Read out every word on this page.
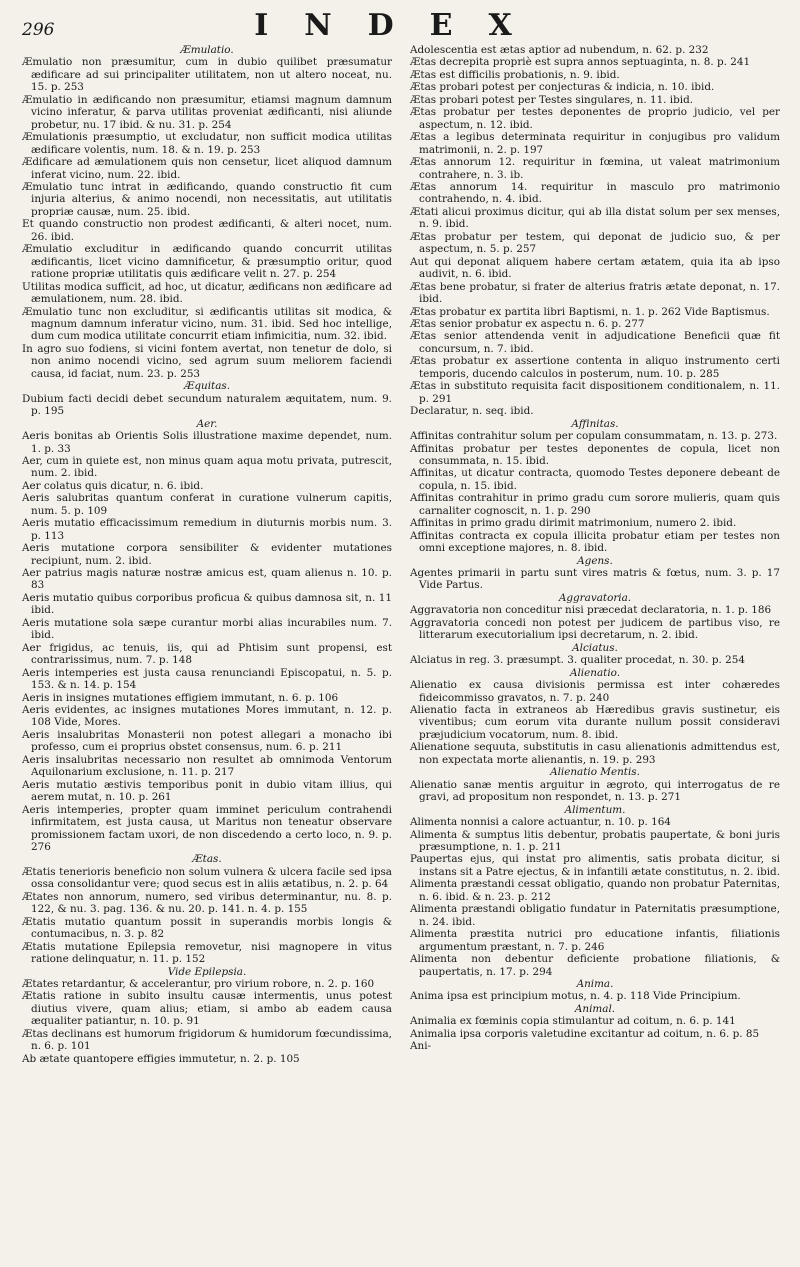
296	INDEX

Æmulatio.

Æmulatio non præsumitur, cum in dubio quilibet præsumatur ædificare ad sui principaliter utilitatem, non ut altero noceat, nu. 15. p. 253

Æmulatio in ædificando non præsumitur, etiamsi magnum damnum vicino inferatur, & parva utilitas proveniat ædificanti, nisi aliunde probetur, nu. 17 ibid. & nu. 31. p. 254

Æmulationis præsumptio, ut excludatur, non sufficit modica utilitas ædificare volentis, num. 18. & n. 19. p. 253

Ædificare ad æmulationem quis non censetur, licet aliquod damnum inferat vicino, num. 22. ibid.

Æmulatio tunc intrat in ædificando, quando constructio fit cum injuria alterius, & animo nocendi, non necessitatis, aut utilitatis propriæ causæ, num. 25. ibid.

Et quando constructio non prodest ædificanti, & alteri nocet, num. 26. ibid.

Æmulatio excluditur in ædificando quando concurrit utilitas ædificantis, licet vicino damnificetur, & præsumptio oritur, quod ratione propriæ utilitatis quis ædificare velit n. 27. p. 254

Utilitas modica sufficit, ad hoc, ut dicatur, ædificans non ædificare ad æmulationem, num. 28. ibid.

Æmulatio tunc non excluditur, si ædificantis utilitas sit modica, & magnum damnum inferatur vicino, num. 31. ibid. Sed hoc intellige, dum cum modica utilitate concurrit etiam infimicitia, num. 32. ibid.

In agro suo fodiens, si vicini fontem avertat, non tenetur de dolo, si non animo nocendi vicino, sed agrum suum meliorem faciendi causa, id faciat, num. 23. p. 253

Æquitas.

Dubium facti decidi debet secundum naturalem æquitatem, num. 9. p. 195

Aer.

Aeris bonitas ab Orientis Solis illustratione maxime dependet, num. 1. p. 33

Aer, cum in quiete est, non minus quam aqua motu privata, putrescit, num. 2. ibid.

Aer colatus quis dicatur, n. 6. ibid.

Aeris salubritas quantum conferat in curatione vulnerum capitis, num. 5. p. 109

Aeris mutatio efficacissimum remedium in diuturnis morbis num. 3. p. 113

Aeris mutatione corpora sensibiliter & evidenter mutationes recipiunt, num. 2. ibid.

Aer patrius magis naturæ nostræ amicus est, quam alienus n. 10. p. 83

Aeris mutatio quibus corporibus proficua & quibus damnosa sit, n. 11 ibid.

Aeris mutatione sola sæpe curantur morbi alias incurabiles num. 7. ibid.

Aer frigidus, ac tenuis, iis, qui ad Phtisim sunt propensi, est contrarissimus, num. 7. p. 148

Aeris intemperies est justa causa renunciandi Episcopatui, n. 5. p. 153. & n. 14. p. 154

Aeris in insignes mutationes effigiem immutant, n. 6. p. 106

Aeris evidentes, ac insignes mutationes Mores immutant, n. 12. p. 108 Vide, Mores.

Aeris insalubritas Monasterii non potest allegari a monacho ibi professo, cum ei proprius obstet consensus, num. 6. p. 211

Aeris insalubritas necessario non resultet ab omnimoda Ventorum Aquilonarium exclusione, n. 11. p. 217

Aeris mutatio æstivis temporibus ponit in dubio vitam illius, qui aerem mutat, n. 10. p. 261

Aeris intemperies, propter quam imminet periculum contrahendi infirmitatem, est justa causa, ut Maritus non teneatur observare promissionem factam uxori, de non discedendo a certo loco, n. 9. p. 276

Ætas.

Ætatis tenerioris beneficio non solum vulnera & ulcera facile sed ipsa ossa consolidantur vere; quod secus est in aliis ætatibus, n. 2. p. 64

Ætates non annorum, numero, sed viribus determinantur, nu. 8. p. 122, & nu. 3. pag. 136. & nu. 20. p. 141. n. 4. p. 155

Ætatis mutatio quantum possit in superandis morbis longis & contumacibus, n. 3. p. 82

Ætatis mutatione Epilepsia removetur, nisi magnopere in vitus ratione delinquatur, n. 11. p. 152

Vide Epilepsia.

Ætates retardantur, & accelerantur, pro virium robore, n. 2. p. 160

Ætatis ratione in subito insultu causæ intermentis, unus potest diutius vivere, quam alius; etiam, si ambo ab eadem causa æqualiter patiantur, n. 10. p. 91

Ætas declinans est humorum frigidorum & humidorum fœcundissima, n. 6. p. 101

Ab ætate quantopere effigies immutetur, n. 2. p. 105

Adolescentia est ætas aptior ad nubendum, n. 62. p. 232

Ætas decrepita propriè est supra annos septuaginta, n. 8. p. 241

Ætas est difficilis probationis, n. 9. ibid.

Ætas probari potest per conjecturas & indicia, n. 10. ibid.

Ætas probari potest per Testes singulares, n. 11. ibid.

Ætas probatur per testes deponentes de proprio judicio, vel per aspectum, n. 12. ibid.

Ætas a legibus determinata requiritur in conjugibus pro validum matrimonii, n. 2. p. 197

Ætas annorum 12. requiritur in fœmina, ut valeat matrimonium contrahere, n. 3. ib.

Ætas annorum 14. requiritur in masculo pro matrimonio contrahendo, n. 4. ibid.

Ætati alicui proximus dicitur, qui ab illa distat solum per sex menses, n. 9. ibid.

Ætas probatur per testem, qui deponat de judicio suo, & per aspectum, n. 5. p. 257

Aut qui deponat aliquem habere certam ætatem, quia ita ab ipso audivit, n. 6. ibid.

Ætas bene probatur, si frater de alterius fratris ætate deponat, n. 17. ibid.

Ætas probatur ex partita libri Baptismi, n. 1. p. 262 Vide Baptismus.

Ætas senior probatur ex aspectu n. 6. p. 277

Ætas senior attendenda venit in adjudicatione Beneficii quæ fit concursum, n. 7. ibid.

Ætas probatur ex assertione contenta in aliquo instrumento certi temporis, ducendo calculos in posterum, num. 10. p. 285

Ætas in substituto requisita facit dispositionem conditionalem, n. 11. p. 291

Declaratur, n. seq. ibid.

Affinitas.

Affinitas contrahitur solum per copulam consummatam, n. 13. p. 273.

Affinitas probatur per testes deponentes de copula, licet non consummata, n. 15. ibid.

Affinitas, ut dicatur contracta, quomodo Testes deponere debeant de copula, n. 15. ibid.

Affinitas contrahitur in primo gradu cum sorore mulieris, quam quis carnaliter cognoscit, n. 1. p. 290

Affinitas in primo gradu dirimit matrimonium, numero 2. ibid.

Affinitas contracta ex copula illicita probatur etiam per testes non omni exceptione majores, n. 8. ibid.

Agens.

Agentes primarii in partu sunt vires matris & fœtus, num. 3. p. 17 Vide Partus.

Aggravatoria.

Aggravatoria non conceditur nisi præcedat declaratoria, n. 1. p. 186

Aggravatoria concedi non potest per judicem de partibus viso, re litterarum executorialium ipsi decretarum, n. 2. ibid.

Alciatus.

Alciatus in reg. 3. præsumpt. 3. qualiter procedat, n. 30. p. 254

Alienatio.

Alienatio ex causa divisionis permissa est inter cohæredes fideicommisso gravatos, n. 7. p. 240

Alienatio facta in extraneos ab Hæredibus gravis sustinetur, eis viventibus; cum eorum vita durante nullum possit consideravi præjudicium vocatorum, num. 8. ibid.

Alienatione sequuta, substitutis in casu alienationis admittendus est, non expectata morte alienantis, n. 19. p. 293

Alienatio Mentis.

Alienatio sanæ mentis arguitur in ægroto, qui interrogatus de re gravi, ad propositum non respondet, n. 13. p. 271

Alimentum.

Alimenta nonnisi a calore actuantur, n. 10. p. 164

Alimenta & sumptus litis debentur, probatis paupertate, & boni juris præsumptione, n. 1. p. 211

Paupertas ejus, qui instat pro alimentis, satis probata dicitur, si instans sit a Patre ejectus, & in infantili ætate constitutus, n. 2. ibid.

Alimenta præstandi cessat obligatio, quando non probatur Paternitas, n. 6. ibid. & n. 23. p. 212

Alimenta præstandi obligatio fundatur in Paternitatis præsumptione, n. 24. ibid.

Alimenta præstita nutrici pro educatione infantis, filiationis argumentum præstant, n. 7. p. 246

Alimenta non debentur deficiente probatione filiationis, & paupertatis, n. 17. p. 294

Anima.

Anima ipsa est principium motus, n. 4. p. 118 Vide Principium.

Animal.

Animalia ex fœminis copia stimulantur ad coitum, n. 6. p. 141

Animalia ipsa corporis valetudine excitantur ad coitum, n. 6. p. 85

Ani-
